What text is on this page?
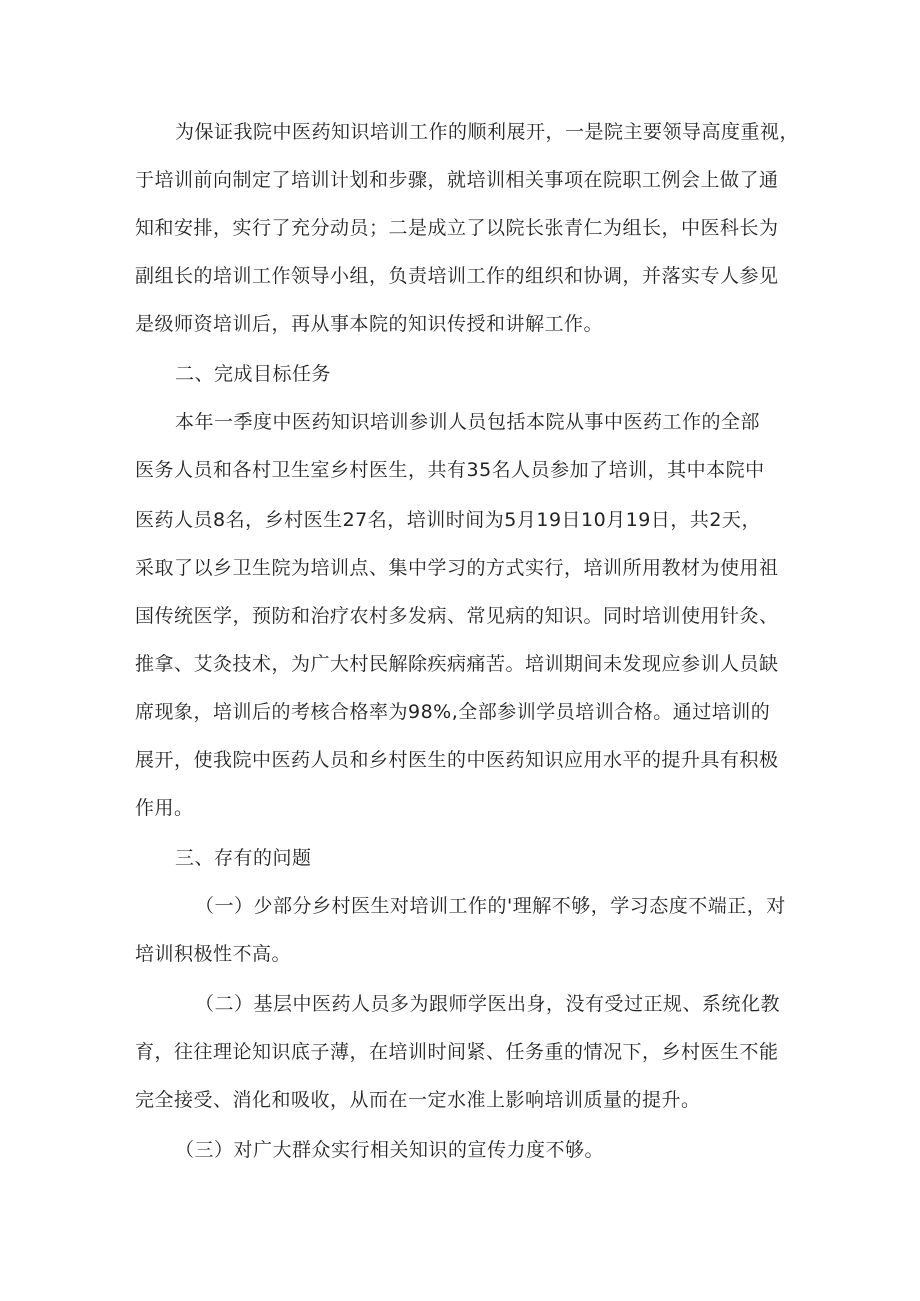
为保证我院中医药知识培训工作的顺利展开，一是院主要领导高度重视，
于培训前向制定了培训计划和步骤，就培训相关事项在院职工例会上做了通
知和安排，实行了充分动员；二是成立了以院长张青仁为组长，中医科长为
副组长的培训工作领导小组，负责培训工作的组织和协调，并落实专人参见
是级师资培训后，再从事本院的知识传授和讲解工作。
二、完成目标任务
本年一季度中医药知识培训参训人员包括本院从事中医药工作的全部
医务人员和各村卫生室乡村医生，共有35名人员参加了培训，其中本院中
医药人员8名，乡村医生27名，培训时间为5月19日10月19日，共2天，
采取了以乡卫生院为培训点、集中学习的方式实行，培训所用教材为使用祖
国传统医学，预防和治疗农村多发病、常见病的知识。同时培训使用针灸、
推拿、艾灸技术，为广大村民解除疾病痛苦。培训期间未发现应参训人员缺
席现象，培训后的考核合格率为98%,全部参训学员培训合格。通过培训的
展开，使我院中医药人员和乡村医生的中医药知识应用水平的提升具有积极
作用。
三、存有的问题
（一）少部分乡村医生对培训工作的'理解不够，学习态度不端正，对
培训积极性不高。
（二）基层中医药人员多为跟师学医出身，没有受过正规、系统化教
育，往往理论知识底子薄，在培训时间紧、任务重的情况下，乡村医生不能
完全接受、消化和吸收，从而在一定水准上影响培训质量的提升。
（三）对广大群众实行相关知识的宣传力度不够。
